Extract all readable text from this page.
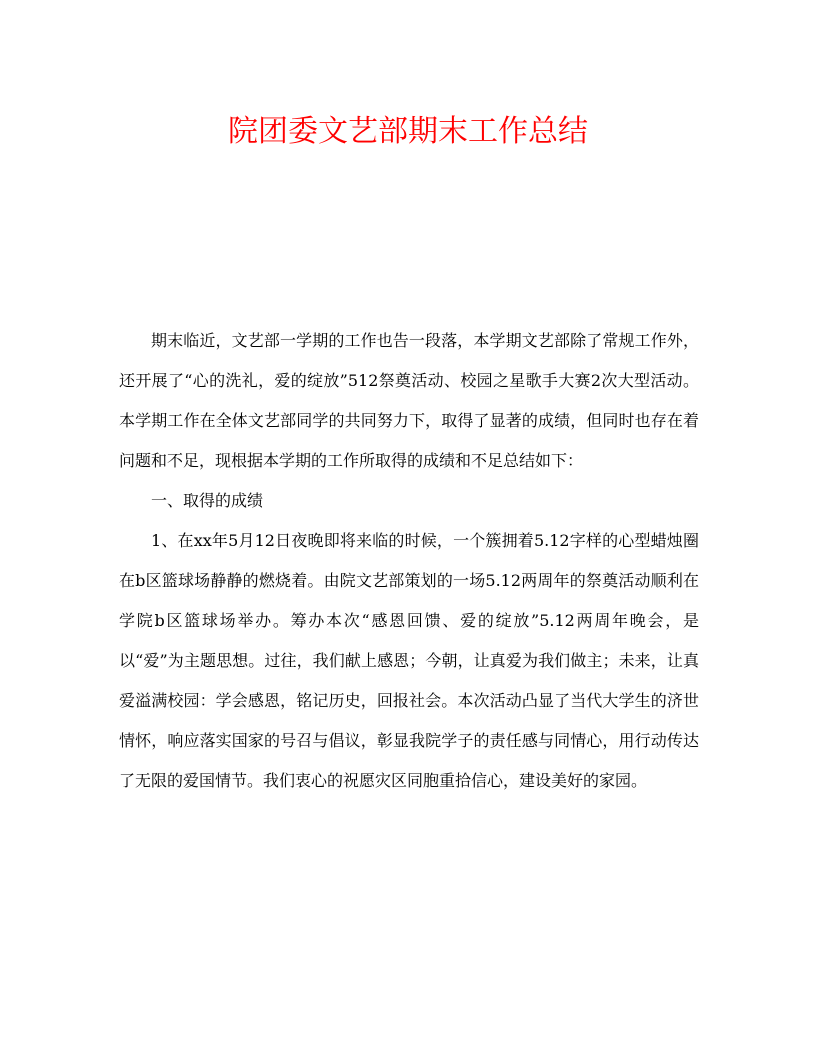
院团委文艺部期末工作总结

期末临近，文艺部一学期的工作也告一段落，本学期文艺部除了常规工作外，还开展了“心的洗礼，爱的绽放”512祭奠活动、校园之星歌手大赛2次大型活动。本学期工作在全体文艺部同学的共同努力下，取得了显著的成绩，但同时也存在着问题和不足，现根据本学期的工作所取得的成绩和不足总结如下：

一、取得的成绩

1、在xx年5月12日夜晚即将来临的时候，一个簇拥着5.12字样的心型蜡烛圈在b区篮球场静静的燃烧着。由院文艺部策划的一场5.12两周年的祭奠活动顺利在学院b区篮球场举办。筹办本次“感恩回馈、爱的绽放”5.12两周年晚会，是以“爱”为主题思想。过往，我们献上感恩；今朝，让真爱为我们做主；未来，让真爱溢满校园：学会感恩，铭记历史，回报社会。本次活动凸显了当代大学生的济世情怀，响应落实国家的号召与倡议，彰显我院学子的责任感与同情心，用行动传达了无限的爱国情节。我们衷心的祝愿灾区同胞重拾信心，建设美好的家园。
